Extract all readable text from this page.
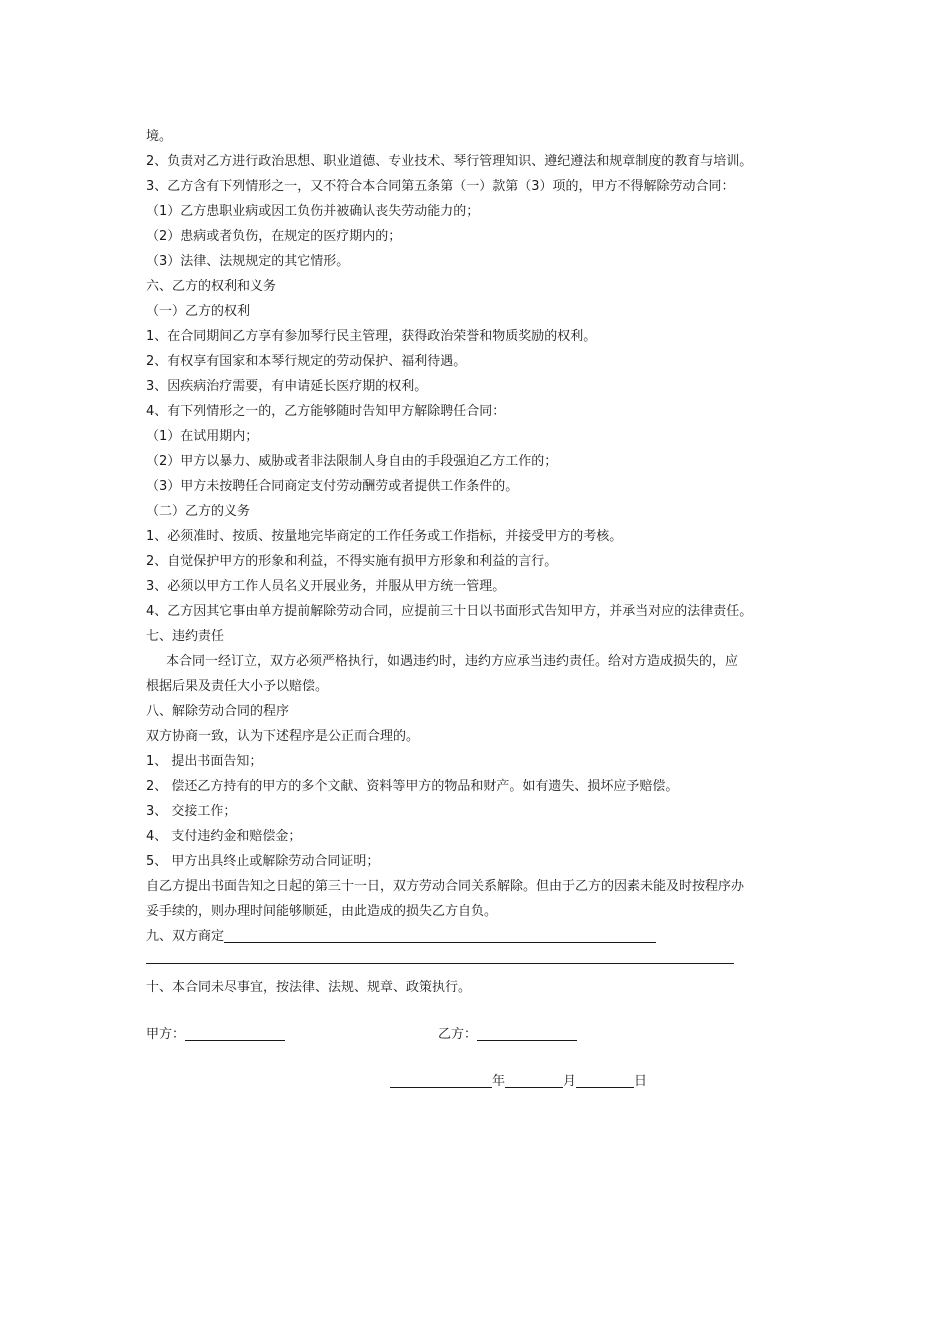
境。
2、负责对乙方进行政治思想、职业道德、专业技术、琴行管理知识、遵纪遵法和规章制度的教育与培训。
3、乙方含有下列情形之一，又不符合本合同第五条第（一）款第（3）项的，甲方不得解除劳动合同：
（1）乙方患职业病或因工负伤并被确认丧失劳动能力的；
（2）患病或者负伤，在规定的医疗期内的；
（3）法律、法规规定的其它情形。
六、乙方的权利和义务
（一）乙方的权利
1、在合同期间乙方享有参加琴行民主管理，获得政治荣誉和物质奖励的权利。
2、有权享有国家和本琴行规定的劳动保护、福利待遇。
3、因疾病治疗需要，有申请延长医疗期的权利。
4、有下列情形之一的，乙方能够随时告知甲方解除聘任合同：
（1）在试用期内；
（2）甲方以暴力、威胁或者非法限制人身自由的手段强迫乙方工作的；
（3）甲方未按聘任合同商定支付劳动酬劳或者提供工作条件的。
（二）乙方的义务
1、必须准时、按质、按量地完毕商定的工作任务或工作指标，并接受甲方的考核。
2、自觉保护甲方的形象和利益，不得实施有损甲方形象和利益的言行。
3、必须以甲方工作人员名义开展业务，并服从甲方统一管理。
4、乙方因其它事由单方提前解除劳动合同，应提前三十日以书面形式告知甲方，并承当对应的法律责任。
七、违约责任
本合同一经订立，双方必须严格执行，如遇违约时，违约方应承当违约责任。给对方造成损失的，应
根据后果及责任大小予以赔偿。
八、解除劳动合同的程序
双方协商一致，认为下述程序是公正而合理的。
1、 提出书面告知；
2、 偿还乙方持有的甲方的多个文献、资料等甲方的物品和财产。如有遗失、损坏应予赔偿。
3、 交接工作；
4、 支付违约金和赔偿金；
5、 甲方出具终止或解除劳动合同证明；
自乙方提出书面告知之日起的第三十一日，双方劳动合同关系解除。但由于乙方的因素未能及时按程序办
妥手续的，则办理时间能够顺延，由此造成的损失乙方自负。
九、双方商定
十、本合同未尽事宜，按法律、法规、规章、政策执行。
甲方：	乙方：
年	月	日
